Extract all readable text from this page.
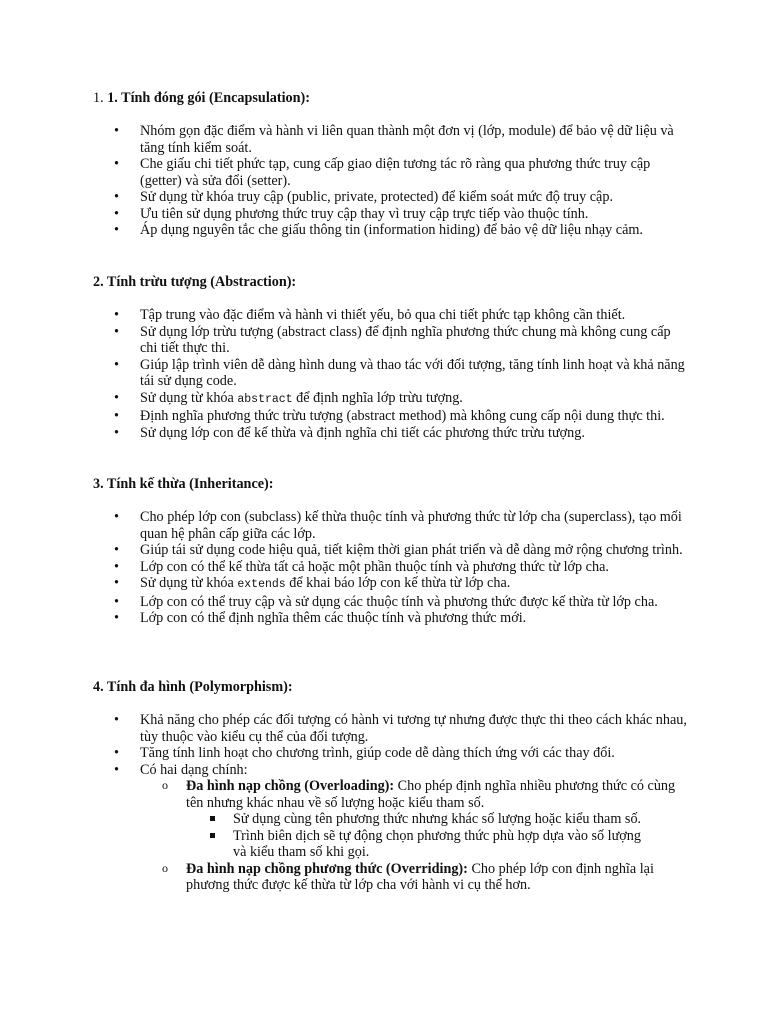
1. 1. Tính đóng gói (Encapsulation):
• Nhóm gọn đặc điểm và hành vi liên quan thành một đơn vị (lớp, module) để bảo vệ dữ liệu và tăng tính kiểm soát.
• Che giấu chi tiết phức tạp, cung cấp giao diện tương tác rõ ràng qua phương thức truy cập (getter) và sửa đổi (setter).
• Sử dụng từ khóa truy cập (public, private, protected) để kiểm soát mức độ truy cập.
• Ưu tiên sử dụng phương thức truy cập thay vì truy cập trực tiếp vào thuộc tính.
• Áp dụng nguyên tắc che giấu thông tin (information hiding) để bảo vệ dữ liệu nhạy cảm.
2. Tính trừu tượng (Abstraction):
• Tập trung vào đặc điểm và hành vi thiết yếu, bỏ qua chi tiết phức tạp không cần thiết.
• Sử dụng lớp trừu tượng (abstract class) để định nghĩa phương thức chung mà không cung cấp chi tiết thực thi.
• Giúp lập trình viên dễ dàng hình dung và thao tác với đối tượng, tăng tính linh hoạt và khả năng tái sử dụng code.
• Sử dụng từ khóa abstract để định nghĩa lớp trừu tượng.
• Định nghĩa phương thức trừu tượng (abstract method) mà không cung cấp nội dung thực thi.
• Sử dụng lớp con để kế thừa và định nghĩa chi tiết các phương thức trừu tượng.
3. Tính kế thừa (Inheritance):
• Cho phép lớp con (subclass) kế thừa thuộc tính và phương thức từ lớp cha (superclass), tạo mối quan hệ phân cấp giữa các lớp.
• Giúp tái sử dụng code hiệu quả, tiết kiệm thời gian phát triển và dễ dàng mở rộng chương trình.
• Lớp con có thể kế thừa tất cả hoặc một phần thuộc tính và phương thức từ lớp cha.
• Sử dụng từ khóa extends để khai báo lớp con kế thừa từ lớp cha.
• Lớp con có thể truy cập và sử dụng các thuộc tính và phương thức được kế thừa từ lớp cha.
• Lớp con có thể định nghĩa thêm các thuộc tính và phương thức mới.
4. Tính đa hình (Polymorphism):
• Khả năng cho phép các đối tượng có hành vi tương tự nhưng được thực thi theo cách khác nhau, tùy thuộc vào kiểu cụ thể của đối tượng.
• Tăng tính linh hoạt cho chương trình, giúp code dễ dàng thích ứng với các thay đổi.
• Có hai dạng chính:
o Đa hình nạp chồng (Overloading): Cho phép định nghĩa nhiều phương thức có cùng tên nhưng khác nhau về số lượng hoặc kiểu tham số.
Sử dụng cùng tên phương thức nhưng khác số lượng hoặc kiểu tham số.
Trình biên dịch sẽ tự động chọn phương thức phù hợp dựa vào số lượng và kiểu tham số khi gọi.
o Đa hình nạp chồng phương thức (Overriding): Cho phép lớp con định nghĩa lại phương thức được kế thừa từ lớp cha với hành vi cụ thể hơn.
